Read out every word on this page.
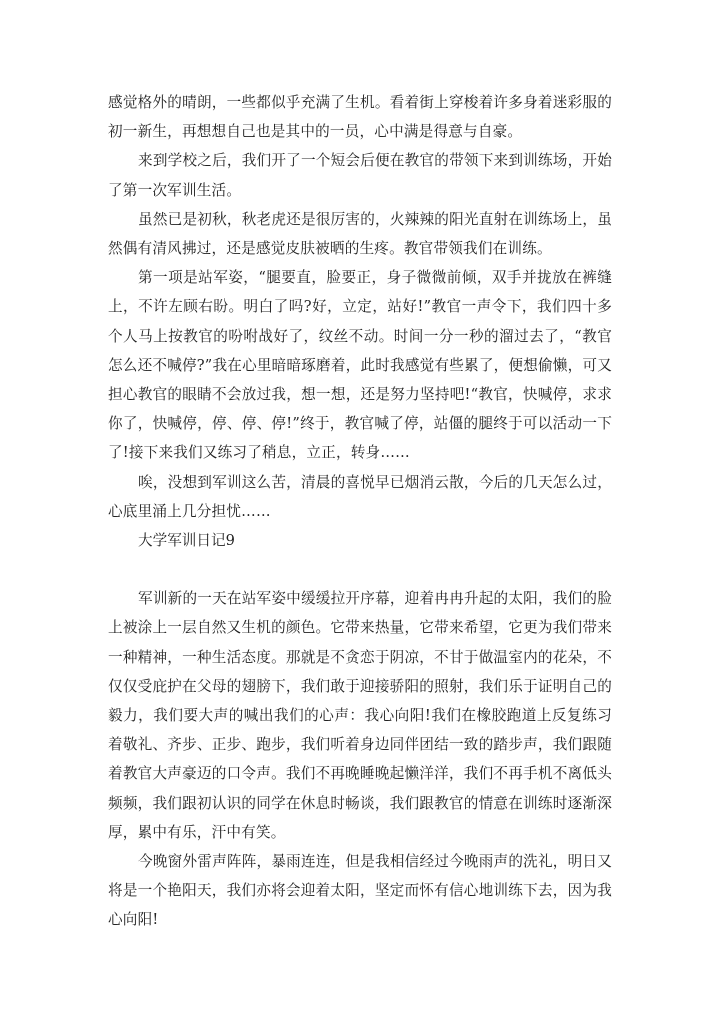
感觉格外的晴朗，一些都似乎充满了生机。看着街上穿梭着许多身着迷彩服的初一新生，再想想自己也是其中的一员，心中满是得意与自豪。

来到学校之后，我们开了一个短会后便在教官的带领下来到训练场，开始了第一次军训生活。

虽然已是初秋，秋老虎还是很厉害的，火辣辣的阳光直射在训练场上，虽然偶有清风拂过，还是感觉皮肤被晒的生疼。教官带领我们在训练。

第一项是站军姿，“腿要直，脸要正，身子微微前倾，双手并拢放在裤缝上，不许左顾右盼。明白了吗?好，立定，站好!”教官一声令下，我们四十多个人马上按教官的吩咐战好了，纹丝不动。时间一分一秒的溜过去了，“教官怎么还不喊停?”我在心里暗暗琢磨着，此时我感觉有些累了，便想偷懒，可又担心教官的眼睛不会放过我，想一想，还是努力坚持吧!“教官，快喊停，求求你了，快喊停，停、停、停!”终于，教官喊了停，站僵的腿终于可以活动一下了!接下来我们又练习了稍息，立正，转身……

唉，没想到军训这么苦，清晨的喜悦早已烟消云散，今后的几天怎么过，心底里涌上几分担忧……

大学军训日记9

军训新的一天在站军姿中缓缓拉开序幕，迎着冉冉升起的太阳，我们的脸上被涂上一层自然又生机的颜色。它带来热量，它带来希望，它更为我们带来一种精神，一种生活态度。那就是不贪恋于阴凉，不甘于做温室内的花朵，不仅仅受庇护在父母的翅膀下，我们敢于迎接骄阳的照射，我们乐于证明自己的毅力，我们要大声的喊出我们的心声：我心向阳!我们在橡胶跑道上反复练习着敬礼、齐步、正步、跑步，我们听着身边同伴团结一致的踏步声，我们跟随着教官大声豪迈的口令声。我们不再晚睡晚起懒洋洋，我们不再手机不离低头频频，我们跟初认识的同学在休息时畅谈，我们跟教官的情意在训练时逐渐深厚，累中有乐，汗中有笑。

今晚窗外雷声阵阵，暴雨连连，但是我相信经过今晚雨声的洗礼，明日又将是一个艳阳天，我们亦将会迎着太阳，坚定而怀有信心地训练下去，因为我心向阳!
